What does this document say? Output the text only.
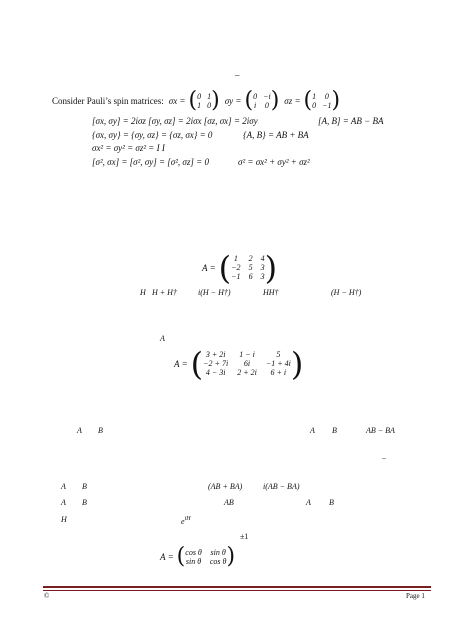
–
Consider Pauli’s spin matrices: σx = ( 0 1
1 0 ) σy = ( 0 −i
i 0 ) σz = ( 1	0
0 −1 )
[σx, σy] = 2iσz [σy, σz] = 2iσx [σz, σx] = 2iσy	[A, B] = AB − BA
{σx, σy} = {σy, σz} = {σz, σx} = 0	{A, B} = AB + BA
σx² = σy² = σz² = I I
[σ², σx] = [σ², σy] = [σ², σz] = 0	σ² = σx² + σy² + σz²
A = ( 1	2 4
−2 5 3
−1 6 3 )
H H + H†	i(H − H†)	HH†	(H − H†)
A
A = ( 3 + 2i	1 − i	5
−2 + 7i	6i	−1 + 4i
4 − 3i	2 + 2i	6 + i )
A B	A B	AB − BA
–
A B	(AB + BA)	i(AB − BA)
A B	AB	A B
H	$e^{iH}$
±1
A = ( cos θ sin θ
sin θ cos θ )
©	Page 1
